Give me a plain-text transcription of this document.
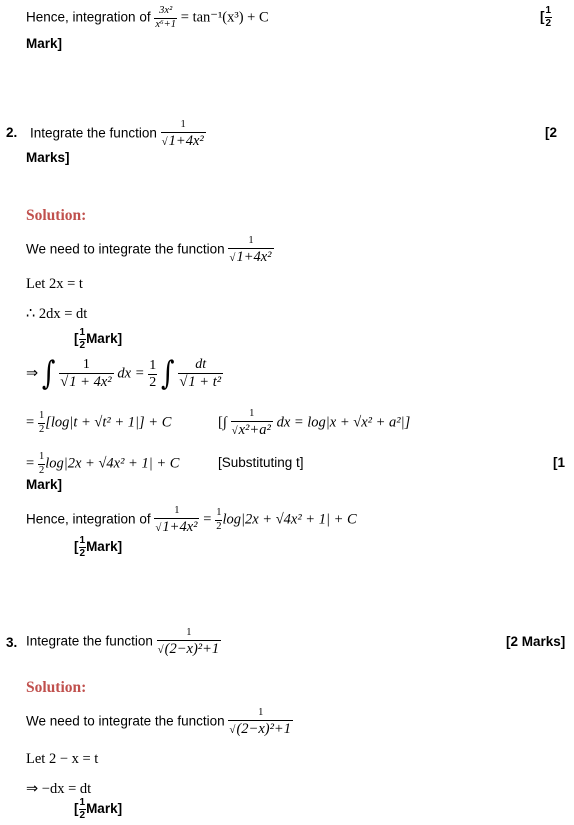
Hence, integration of $\frac{\text{3x²}}{\text{x⁶+1}} = \tan^{-1}(x^3) + C$	[ $\frac{1}{2}$
Mark]
2. Integrate the function $\frac{1}{\text{√1+4x²}}$	[2
Marks]
Solution:
We need to integrate the function $\frac{1}{\text{√1+4x²}}$
Let 2x = t
∴ 2dx = dt
[ $\frac{1}{2}$ Mark]
⇒ ∫ $\frac{1}{\text{√1 + 4x²}}$ dx = $\frac{1}{2}$ ∫ $\frac{dt}{\text{√1 + t²}}$
= $\frac{1}{2} [\log|t + √t^2 + 1|] + C$	[∫ $\frac{1}{\text{√x²+a²}}$ dx = log|x + √x² + a²|]
= $\frac{1}{2} \log|2x + √4x^2 + 1| + C$	[Substituting t]	[1
Mark]
Hence, integration of $\frac{1}{\text{√1+4x²}} = \frac{1}{2} \log|2x + √4x^2 + 1| + C$
[ $\frac{1}{2}$ Mark]
3. Integrate the function $\frac{1}{\text{√(2−x)²+1}}$	[2 Marks]
Solution:
We need to integrate the function $\frac{1}{\text{√(2−x)²+1}}$
Let 2 − x = t
⇒ −dx = dt
[ $\frac{1}{2}$ Mark]
